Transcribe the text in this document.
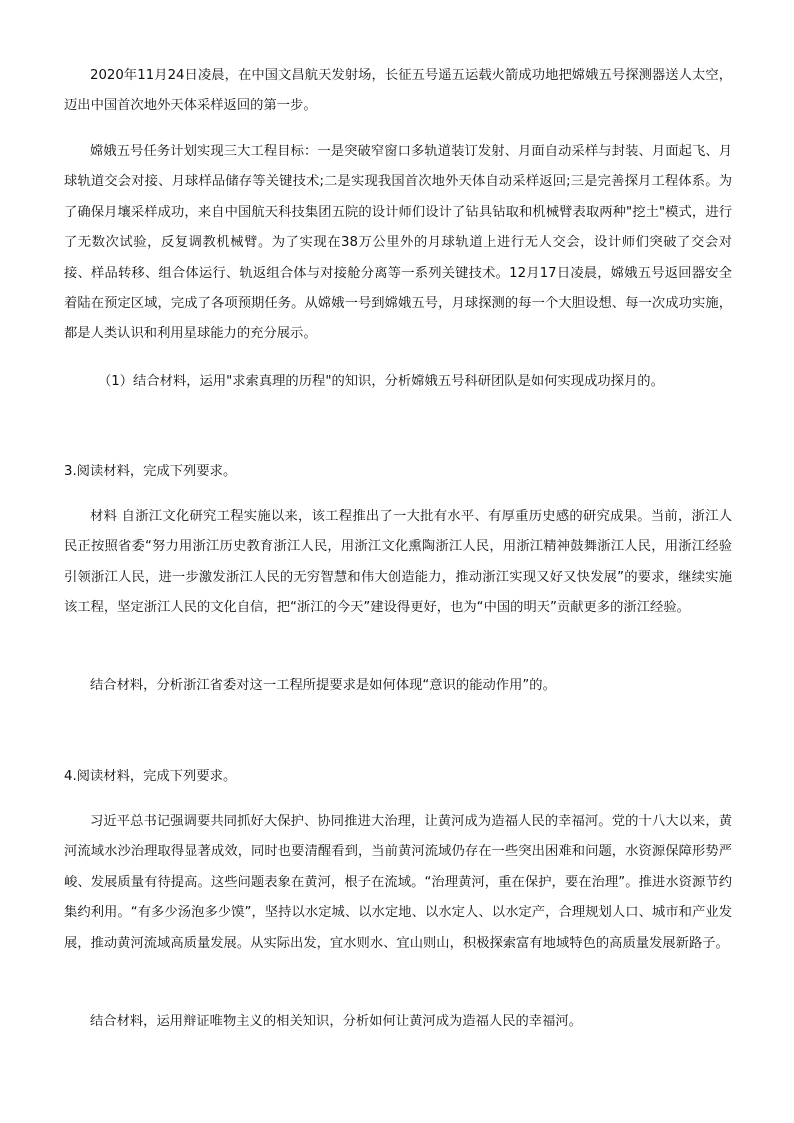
2020年11月24日凌晨，在中国文昌航天发射场，长征五号遥五运载火箭成功地把嫦娥五号探测器送人太空，迈出中国首次地外天体采样返回的第一步。

嫦娥五号任务计划实现三大工程目标：一是突破窄窗口多轨道装订发射、月面自动采样与封装、月面起飞、月球轨道交会对接、月球样品储存等关键技术;二是实现我国首次地外天体自动采样返回;三是完善探月工程体系。为了确保月壤采样成功，来自中国航天科技集团五院的设计师们设计了钻具钻取和机械臂表取两种"挖土"模式，进行了无数次试验，反复调教机械臂。为了实现在38万公里外的月球轨道上进行无人交会，设计师们突破了交会对接、样品转移、组合体运行、轨返组合体与对接舱分离等一系列关键技术。12月17日凌晨，嫦娥五号返回器安全着陆在预定区域，完成了各项预期任务。从嫦娥一号到嫦娥五号，月球探测的每一个大胆设想、每一次成功实施，都是人类认识和利用星球能力的充分展示。

（1）结合材料，运用"求索真理的历程"的知识，分析嫦娥五号科研团队是如何实现成功探月的。

3.阅读材料，完成下列要求。

材料 自浙江文化研究工程实施以来，该工程推出了一大批有水平、有厚重历史感的研究成果。当前，浙江人民正按照省委“努力用浙江历史教育浙江人民，用浙江文化熏陶浙江人民，用浙江精神鼓舞浙江人民，用浙江经验引领浙江人民，进一步激发浙江人民的无穷智慧和伟大创造能力，推动浙江实现又好又快发展”的要求，继续实施该工程，坚定浙江人民的文化自信，把“浙江的今天”建设得更好，也为“中国的明天”贡献更多的浙江经验。

结合材料，分析浙江省委对这一工程所提要求是如何体现“意识的能动作用”的。

4.阅读材料，完成下列要求。

习近平总书记强调要共同抓好大保护、协同推进大治理，让黄河成为造福人民的幸福河。党的十八大以来，黄河流域水沙治理取得显著成效，同时也要清醒看到，当前黄河流域仍存在一些突出困难和问题，水资源保障形势严峻、发展质量有待提高。这些问题表象在黄河，根子在流域。“治理黄河，重在保护，要在治理”。推进水资源节约集约利用。“有多少汤泡多少馍”，坚持以水定城、以水定地、以水定人、以水定产，合理规划人口、城市和产业发展，推动黄河流域高质量发展。从实际出发，宜水则水、宜山则山，积极探索富有地域特色的高质量发展新路子。

结合材料，运用辩证唯物主义的相关知识，分析如何让黄河成为造福人民的幸福河。
